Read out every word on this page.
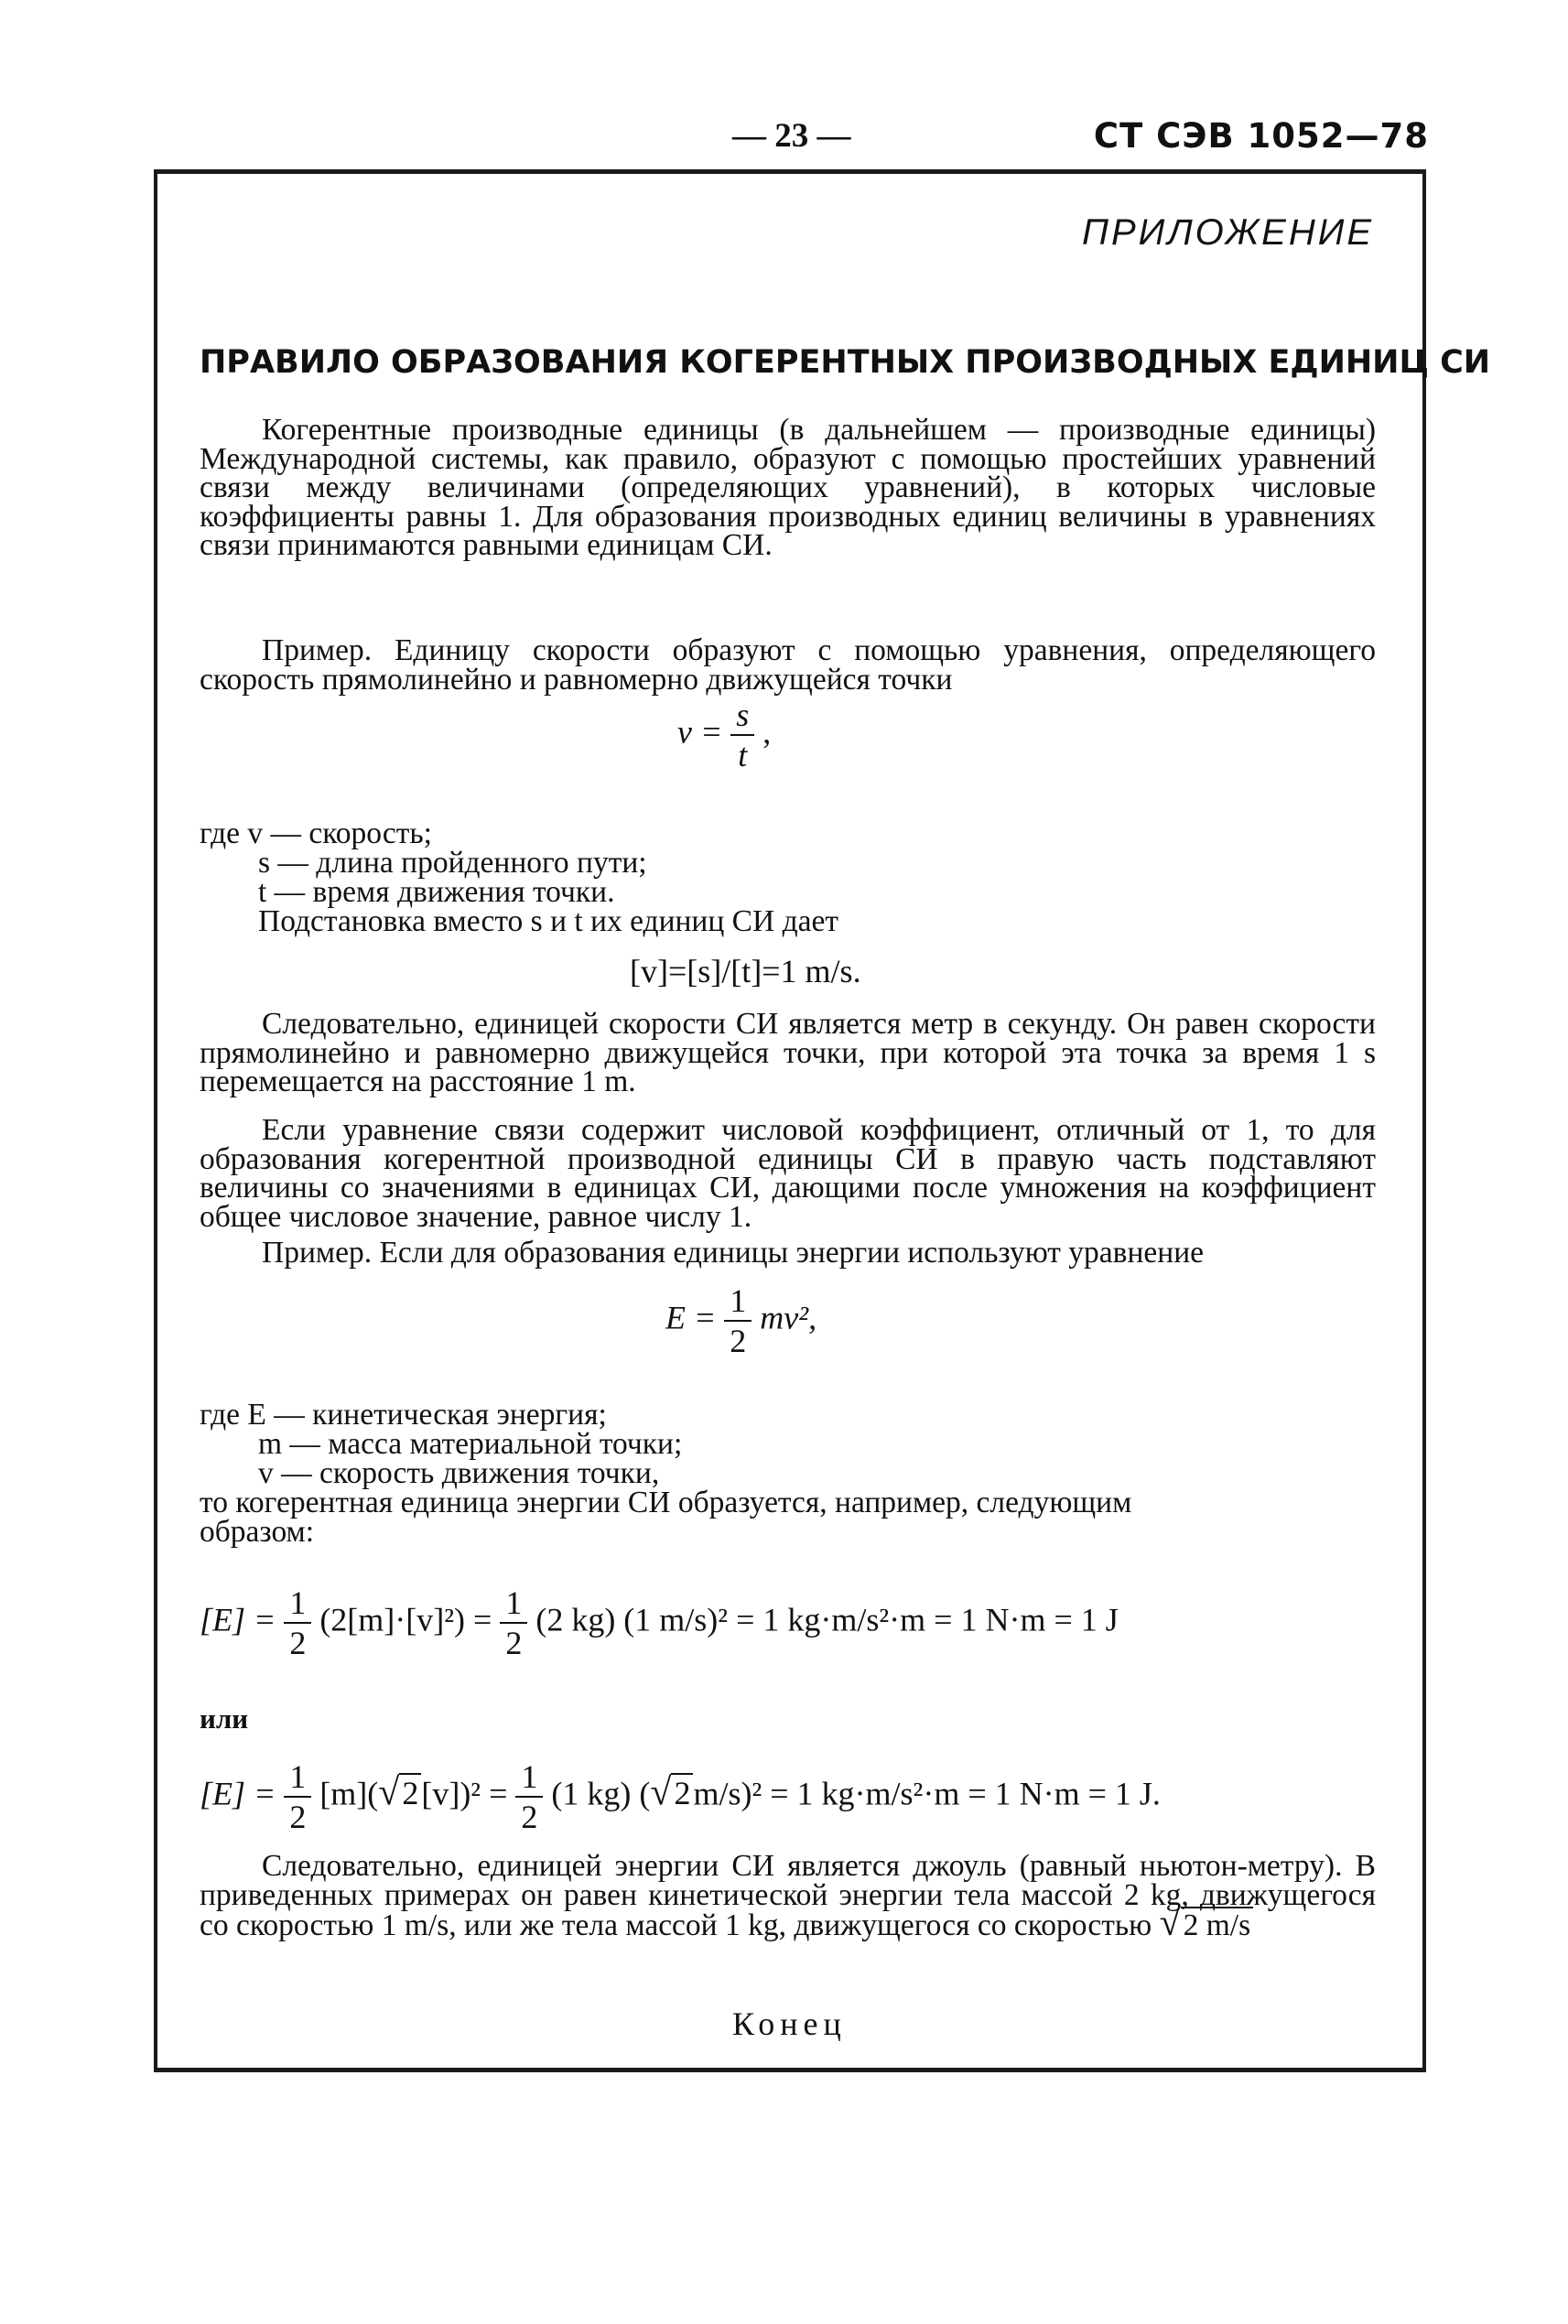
— 23 —	СТ СЭВ 1052—78
ПРИЛОЖЕНИЕ
ПРАВИЛО ОБРАЗОВАНИЯ КОГЕРЕНТНЫХ ПРОИЗВОДНЫХ ЕДИНИЦ СИ

Когерентные производные единицы (в дальнейшем — производные единицы) Международной системы, как правило, образуют с помощью простейших уравнений связи между величинами (определяющих уравнений), в которых числовые коэффициенты равны 1. Для образования производных единиц величины в уравнениях связи принимаются равными единицам СИ.

Пример. Единицу скорости образуют с помощью уравнения, определяющего скорость прямолинейно и равномерно движущейся точки

$v = \frac{s}{t}$ ,
где v — скорость;
s — длина пройденного пути;
t — время движения точки.
Подстановка вместо s и t их единиц СИ дает
[v]=[s]/[t]=1 m/s.

Следовательно, единицей скорости СИ является метр в секунду. Он равен скорости прямолинейно и равномерно движущейся точки, при которой эта точка за время 1 s перемещается на расстояние 1 m.

Если уравнение связи содержит числовой коэффициент, отличный от 1, то для образования когерентной производной единицы СИ в правую часть подставляют величины со значениями в единицах СИ, дающими после умножения на коэффициент общее числовое значение, равное числу 1.

Пример. Если для образования единицы энергии используют уравнение

$E = \frac{1}{2} mv^2$,
где E — кинетическая энергия;
m — масса материальной точки;
v — скорость движения точки,
то когерентная единица энергии СИ образуется, например, следующим
образом:
$[E] = \frac{1}{2} (2[m]\cdot[v]^2) = \frac{1}{2} (2$ kg) (1 m/s)² = 1 kg·m/s²·m = 1 N·m = 1 J
или
$[E] = \frac{1}{2} [m](√2[v])^2 = \frac{1}{2} (1$ kg) (√2m/s)² = 1 kg·m/s²·m = 1 N·m = 1 J.

Следовательно, единицей энергии СИ является джоуль (равный ньютон-метру). В приведенных примерах он равен кинетической энергии тела массой 2 kg, движущегося со скоростью 1 m/s, или же тела массой 1 kg, движущегося со скоростью √2 m/s

Конец
